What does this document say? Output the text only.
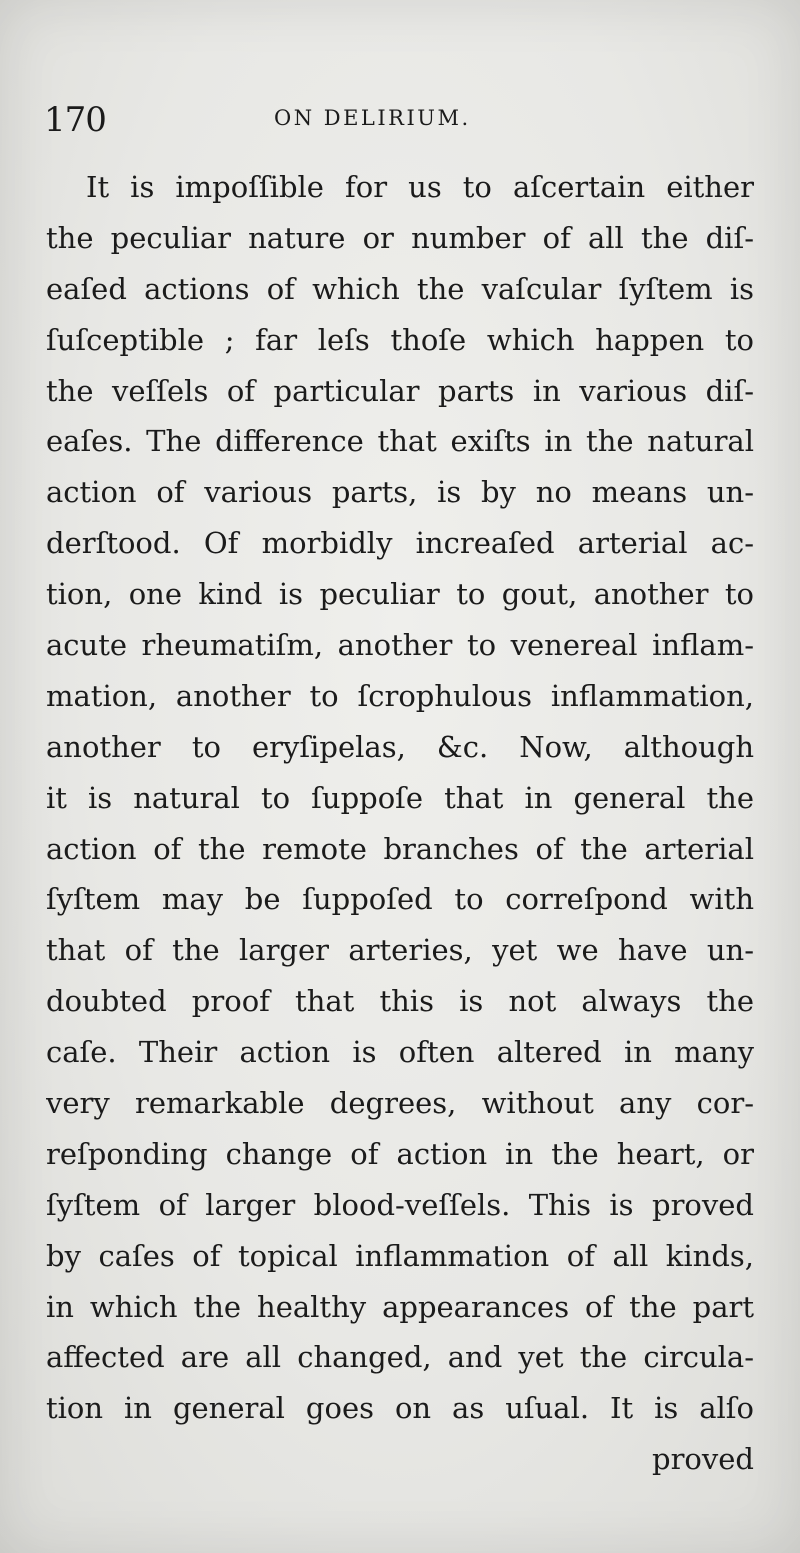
170	ON DELIRIUM.
It is impoſſible for us to aſcertain either
the peculiar nature or number of all the diſ-
eaſed actions of which the vaſcular ſyſtem is
ſuſceptible ; far leſs thoſe which happen to
the veſſels of particular parts in various diſ-
eaſes. The difference that exiſts in the natural
action of various parts, is by no means un-
derſtood. Of morbidly increaſed arterial ac-
tion, one kind is peculiar to gout, another to
acute rheumatiſm, another to venereal inflam-
mation, another to ſcrophulous inflammation,
another to eryſipelas, &c. Now, although
it is natural to ſuppoſe that in general the
action of the remote branches of the arterial
ſyſtem may be ſuppoſed to correſpond with
that of the larger arteries, yet we have un-
doubted proof that this is not always the
caſe. Their action is often altered in many
very remarkable degrees, without any cor-
reſponding change of action in the heart, or
ſyſtem of larger blood-veſſels. This is proved
by caſes of topical inflammation of all kinds,
in which the healthy appearances of the part
affected are all changed, and yet the circula-
tion in general goes on as uſual. It is alſo
proved
